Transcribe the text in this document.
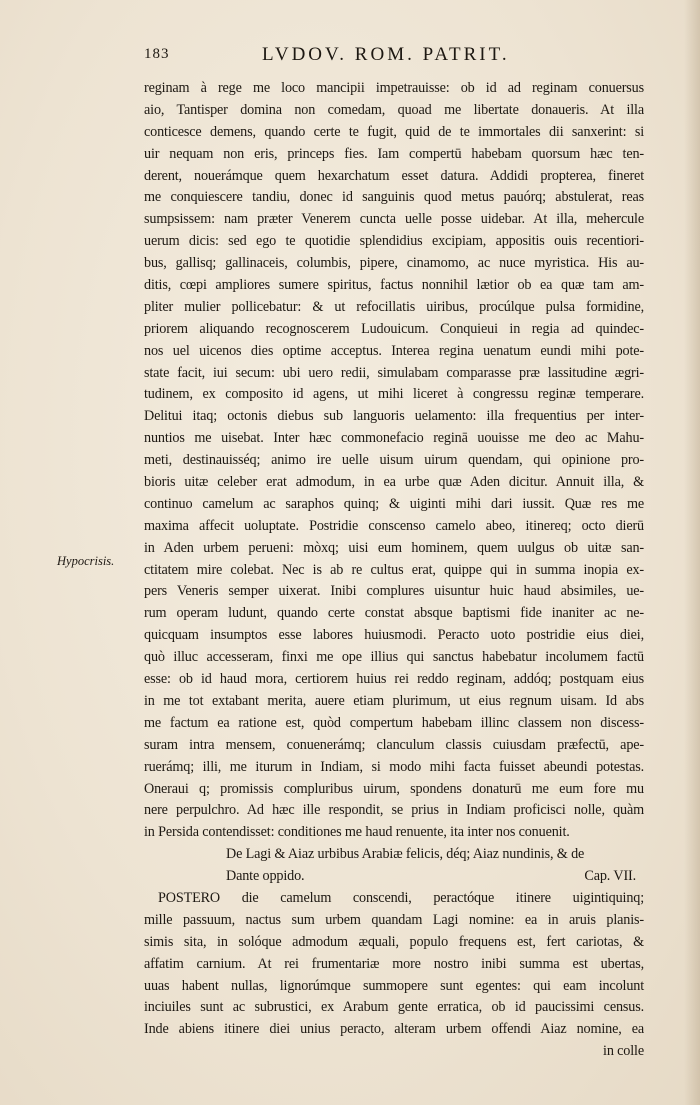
183	LVDOV. ROM. PATRIT.
Hypocrisis.
reginam à rege me loco mancipii impetrauisse: ob id ad reginam conuersus
aio, Tantisper domina non comedam, quoad me libertate donaueris. At illa
conticesce demens, quando certe te fugit, quid de te immortales dii sanxerint: si
uir nequam non eris, princeps fies. Iam compertū habebam quorsum hæc ten-
derent, nouerámque quem hexarchatum esset datura. Addidi propterea, fineret
me conquiescere tandiu, donec id sanguinis quod metus pauórq; abstulerat, reas
sumpsissem: nam præter Venerem cuncta uelle posse uidebar. At illa, mehercule
uerum dicis: sed ego te quotidie splendidius excipiam, appositis ouis recentiori-
bus, gallisq; gallinaceis, columbis, pipere, cinamomo, ac nuce myristica. His au-
ditis, cœpi ampliores sumere spiritus, factus nonnihil lætior ob ea quæ tam am-
pliter mulier pollicebatur: & ut refocillatis uiribus, procúlque pulsa formidine,
priorem aliquando recognoscerem Ludouicum. Conquieui in regia ad quindec-
nos uel uicenos dies optime acceptus. Interea regina uenatum eundi mihi pote-
state facit, iui secum: ubi uero redii, simulabam comparasse præ lassitudine ægri-
tudinem, ex composito id agens, ut mihi liceret à congressu reginæ temperare.
Delitui itaq; octonis diebus sub languoris uelamento: illa frequentius per inter-
nuntios me uisebat. Inter hæc commonefacio reginā uouisse me deo ac Mahu-
meti, destinauisséq; animo ire uelle uisum uirum quendam, qui opinione pro-
bioris uitæ celeber erat admodum, in ea urbe quæ Aden dicitur. Annuit illa, &
continuo camelum ac saraphos quinq; & uiginti mihi dari iussit. Quæ res me
maxima affecit uoluptate. Postridie conscenso camelo abeo, itinereq; octo dierū
in Aden urbem perueni: mòxq; uisi eum hominem, quem uulgus ob uitæ san-
ctitatem mire colebat. Nec is ab re cultus erat, quippe qui in summa inopia ex-
pers Veneris semper uixerat. Inibi complures uisuntur huic haud absimiles, ue-
rum operam ludunt, quando certe constat absque baptismi fide inaniter ac ne-
quicquam insumptos esse labores huiusmodi. Peracto uoto postridie eius diei,
quò illuc accesseram, finxi me ope illius qui sanctus habebatur incolumem factū
esse: ob id haud mora, certiorem huius rei reddo reginam, addóq; postquam eius
in me tot extabant merita, auere etiam plurimum, ut eius regnum uisam. Id abs
me factum ea ratione est, quòd compertum habebam illinc classem non discess-
suram intra mensem, conuenerámq; clanculum classis cuiusdam præfectū, ape-
ruerámq; illi, me iturum in Indiam, si modo mihi facta fuisset abeundi potestas.
Oneraui q; promissis compluribus uirum, spondens donaturū me eum fore mu
nere perpulchro. Ad hæc ille respondit, se prius in Indiam proficisci nolle, quàm
in Persida contendisset: conditiones me haud renuente, ita inter nos conuenit.
De Lagi & Aiaz urbibus Arabiæ felicis, déq; Aiaz nundinis, & de
Dante oppido.	Cap. VII.
POSTERO die camelum conscendi, peractóque itinere uigintiquinq;
mille passuum, nactus sum urbem quandam Lagi nomine: ea in aruis planis-
simis sita, in solóque admodum æquali, populo frequens est, fert cariotas, &
affatim carnium. At rei frumentariæ more nostro inibi summa est ubertas,
uuas habent nullas, lignorúmque summopere sunt egentes: qui eam incolunt
inciuiles sunt ac subrustici, ex Arabum gente erratica, ob id paucissimi census.
Inde abiens itinere diei unius peracto, alteram urbem offendi Aiaz nomine, ea
in colle
